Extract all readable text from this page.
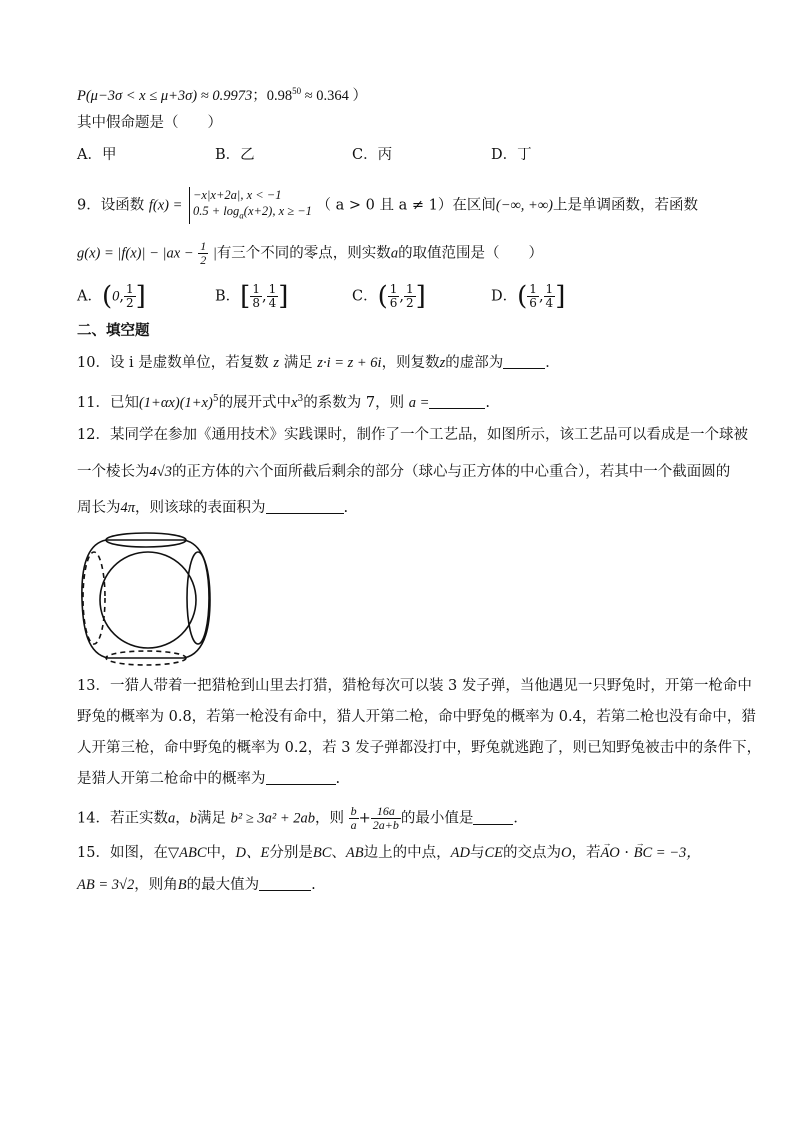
P(μ−3σ < x ≤ μ+3σ) ≈ 0.9973；$0.98^{50} \approx 0.364$ ）
其中假命题是（　　）
A．甲	B．乙	C．丙	D．丁
9．设函数 f(x) =
−x|x+2a|, x < −1
$0.5 + \log_a(x+2)$, x ≥ −1 （ a > 0 且 a ≠ 1）在区间(−∞, +∞)上是单调函数，若函数
$g(x) = |f(x)| - |ax - \frac{1}{2}$ |有三个不同的零点，则实数a的取值范围是（　　）
A．(0, $\frac{1}{2}$ ]	B．[ $\frac{1}{8}$ , $\frac{1}{4}$ ]	C．( $\frac{1}{6}$ , $\frac{1}{2}$ ]	D．( $\frac{1}{6}$ , $\frac{1}{4}$ ]
二、填空题
10．设 i 是虚数单位，若复数 z 满足 z·i = z + 6i，则复数z的虚部为	．
11．已知$(1+\alpha x)(1+x)^5$的展开式中$x^3$的系数为 7，则 a =	.
12．某同学在参加《通用技术》实践课时，制作了一个工艺品，如图所示，该工艺品可以看成是一个球被
一个棱长为4√3的正方体的六个面所截后剩余的部分（球心与正方体的中心重合），若其中一个截面圆的
周长为4π，则该球的表面积为	.
13．一猎人带着一把猎枪到山里去打猎，猎枪每次可以装 3 发子弹，当他遇见一只野兔时，开第一枪命中
野兔的概率为 0.8，若第一枪没有命中，猎人开第二枪，命中野兔的概率为 0.4，若第二枪也没有命中，猎
人开第三枪，命中野兔的概率为 0.2，若 3 发子弹都没打中，野兔就逃跑了，则已知野兔被击中的条件下，
是猎人开第二枪命中的概率为	.
14．若正实数a，b满足 b² ≥ 3a² + 2ab，则 $\frac{b}{a} + \frac{16a}{2a+b}$ 的最小值是	．
15．如图，在▽ABC中，D、E分别是BC、AB边上的中点，AD与CE的交点为O，若→ AO · → BC = −3，
AB = 3√2，则角B的最大值为	.
